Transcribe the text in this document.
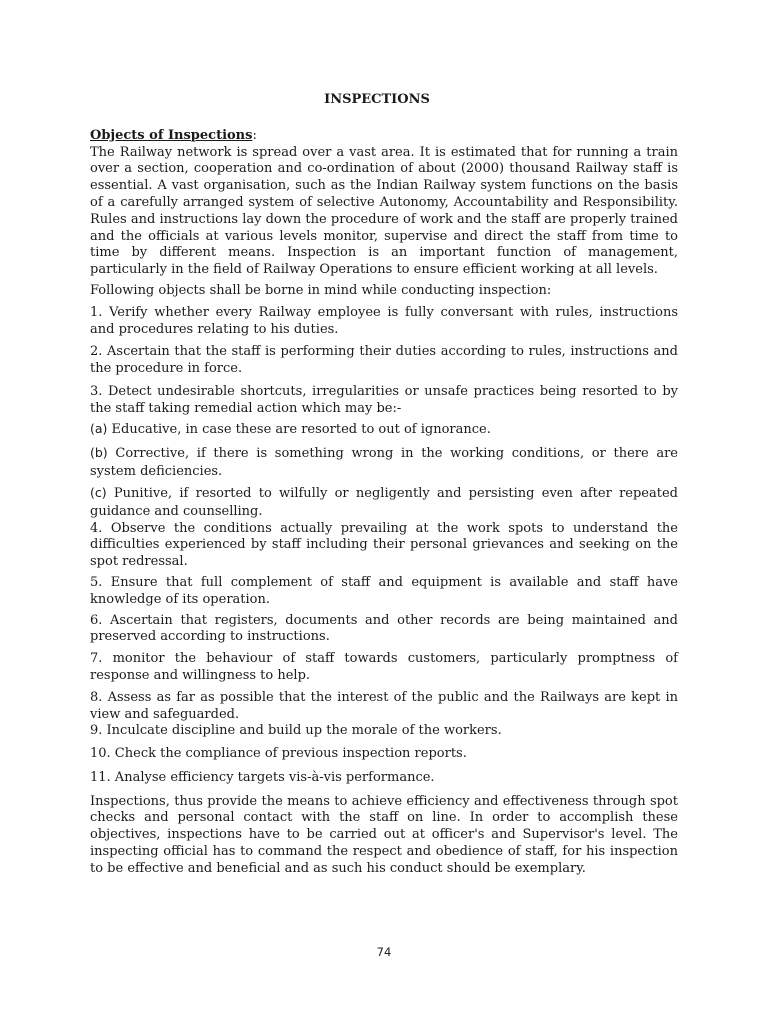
INSPECTIONS

Objects of Inspections:

The Railway network is spread over a vast area. It is estimated that for running a train over a section, cooperation and co-ordination of about (2000) thousand Railway staff is essential. A vast organisation, such as the Indian Railway system functions on the basis of a carefully arranged system of selective Autonomy, Accountability and Responsibility. Rules and instructions lay down the procedure of work and the staff are properly trained and the officials at various levels monitor, supervise and direct the staff from time to time by different means. Inspection is an important function of management, particularly in the field of Railway Operations to ensure efficient working at all levels.

Following objects shall be borne in mind while conducting inspection:

1. Verify whether every Railway employee is fully conversant with rules, instructions and procedures relating to his duties.

2. Ascertain that the staff is performing their duties according to rules, instructions and the procedure in force.

3. Detect undesirable shortcuts, irregularities or unsafe practices being resorted to by the staff taking remedial action which may be:-

(a) Educative, in case these are resorted to out of ignorance.

(b) Corrective, if there is something wrong in the working conditions, or there are system deficiencies.

(c) Punitive, if resorted to wilfully or negligently and persisting even after repeated guidance and counselling.

4. Observe the conditions actually prevailing at the work spots to understand the difficulties experienced by staff including their personal grievances and seeking on the spot redressal.

5. Ensure that full complement of staff and equipment is available and staff have knowledge of its operation.

6. Ascertain that registers, documents and other records are being maintained and preserved according to instructions.

7. monitor the behaviour of staff towards customers, particularly promptness of response and willingness to help.

8. Assess as far as possible that the interest of the public and the Railways are kept in view and safeguarded.

9. Inculcate discipline and build up the morale of the workers.

10. Check the compliance of previous inspection reports.

11. Analyse efficiency targets vis-à-vis performance.

Inspections, thus provide the means to achieve efficiency and effectiveness through spot checks and personal contact with the staff on line. In order to accomplish these objectives, inspections have to be carried out at officer's and Supervisor's level. The inspecting official has to command the respect and obedience of staff, for his inspection to be effective and beneficial and as such his conduct should be exemplary.

74
